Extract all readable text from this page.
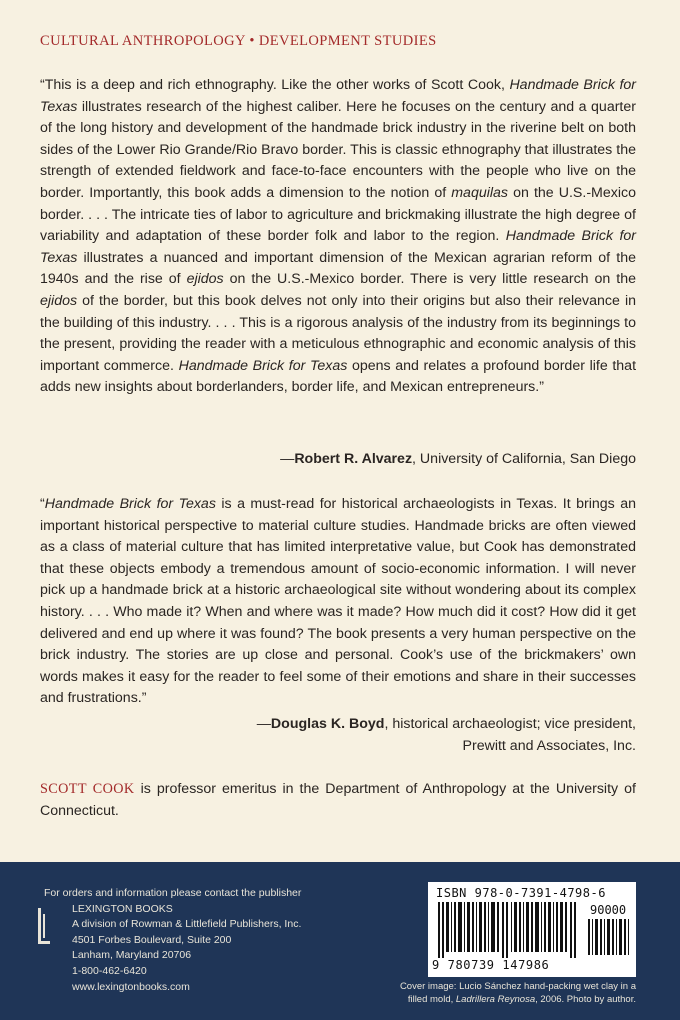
CULTURAL ANTHROPOLOGY • DEVELOPMENT STUDIES

“This is a deep and rich ethnography. Like the other works of Scott Cook, Handmade Brick for Texas illustrates research of the highest caliber. Here he focuses on the century and a quarter of the long history and development of the handmade brick industry in the riverine belt on both sides of the Lower Rio Grande/Rio Bravo border. This is classic ethnography that illustrates the strength of extended fieldwork and face-to-face encounters with the people who live on the border. Importantly, this book adds a dimension to the notion of maquilas on the U.S.-Mexico border. . . . The intricate ties of labor to agriculture and brickmaking illustrate the high degree of variability and adaptation of these border folk and labor to the region. Handmade Brick for Texas illustrates a nuanced and important dimension of the Mexican agrarian reform of the 1940s and the rise of ejidos on the U.S.-Mexico border. There is very little research on the ejidos of the border, but this book delves not only into their origins but also their relevance in the building of this industry. . . . This is a rigorous analysis of the industry from its beginnings to the present, providing the reader with a meticulous ethnographic and economic analysis of this important commerce. Handmade Brick for Texas opens and relates a profound border life that adds new insights about borderlanders, border life, and Mexican entrepreneurs.”

—Robert R. Alvarez, University of California, San Diego

“Handmade Brick for Texas is a must-read for historical archaeologists in Texas. It brings an important historical perspective to material culture studies. Handmade bricks are often viewed as a class of material culture that has limited interpretative value, but Cook has demonstrated that these objects embody a tremendous amount of socio-economic information. I will never pick up a handmade brick at a historic archaeological site without wondering about its complex history. . . . Who made it? When and where was it made? How much did it cost? How did it get delivered and end up where it was found? The book presents a very human perspective on the brick industry. The stories are up close and personal. Cook’s use of the brickmakers’ own words makes it easy for the reader to feel some of their emotions and share in their successes and frustrations.”

—Douglas K. Boyd, historical archaeologist; vice president,
Prewitt and Associates, Inc.

SCOTT COOK is professor emeritus in the Department of Anthropology at the University of Connecticut.

For orders and information please contact the publisher
LEXINGTON BOOKS
A division of Rowman & Littlefield Publishers, Inc.
4501 Forbes Boulevard, Suite 200
Lanham, Maryland 20706
1-800-462-6420
www.lexingtonbooks.com
ISBN 978-0-7391-4798-6
90000
9 780739 147986
Cover image: Lucio Sánchez hand-packing wet clay in a
filled mold, Ladrillera Reynosa, 2006. Photo by author.
